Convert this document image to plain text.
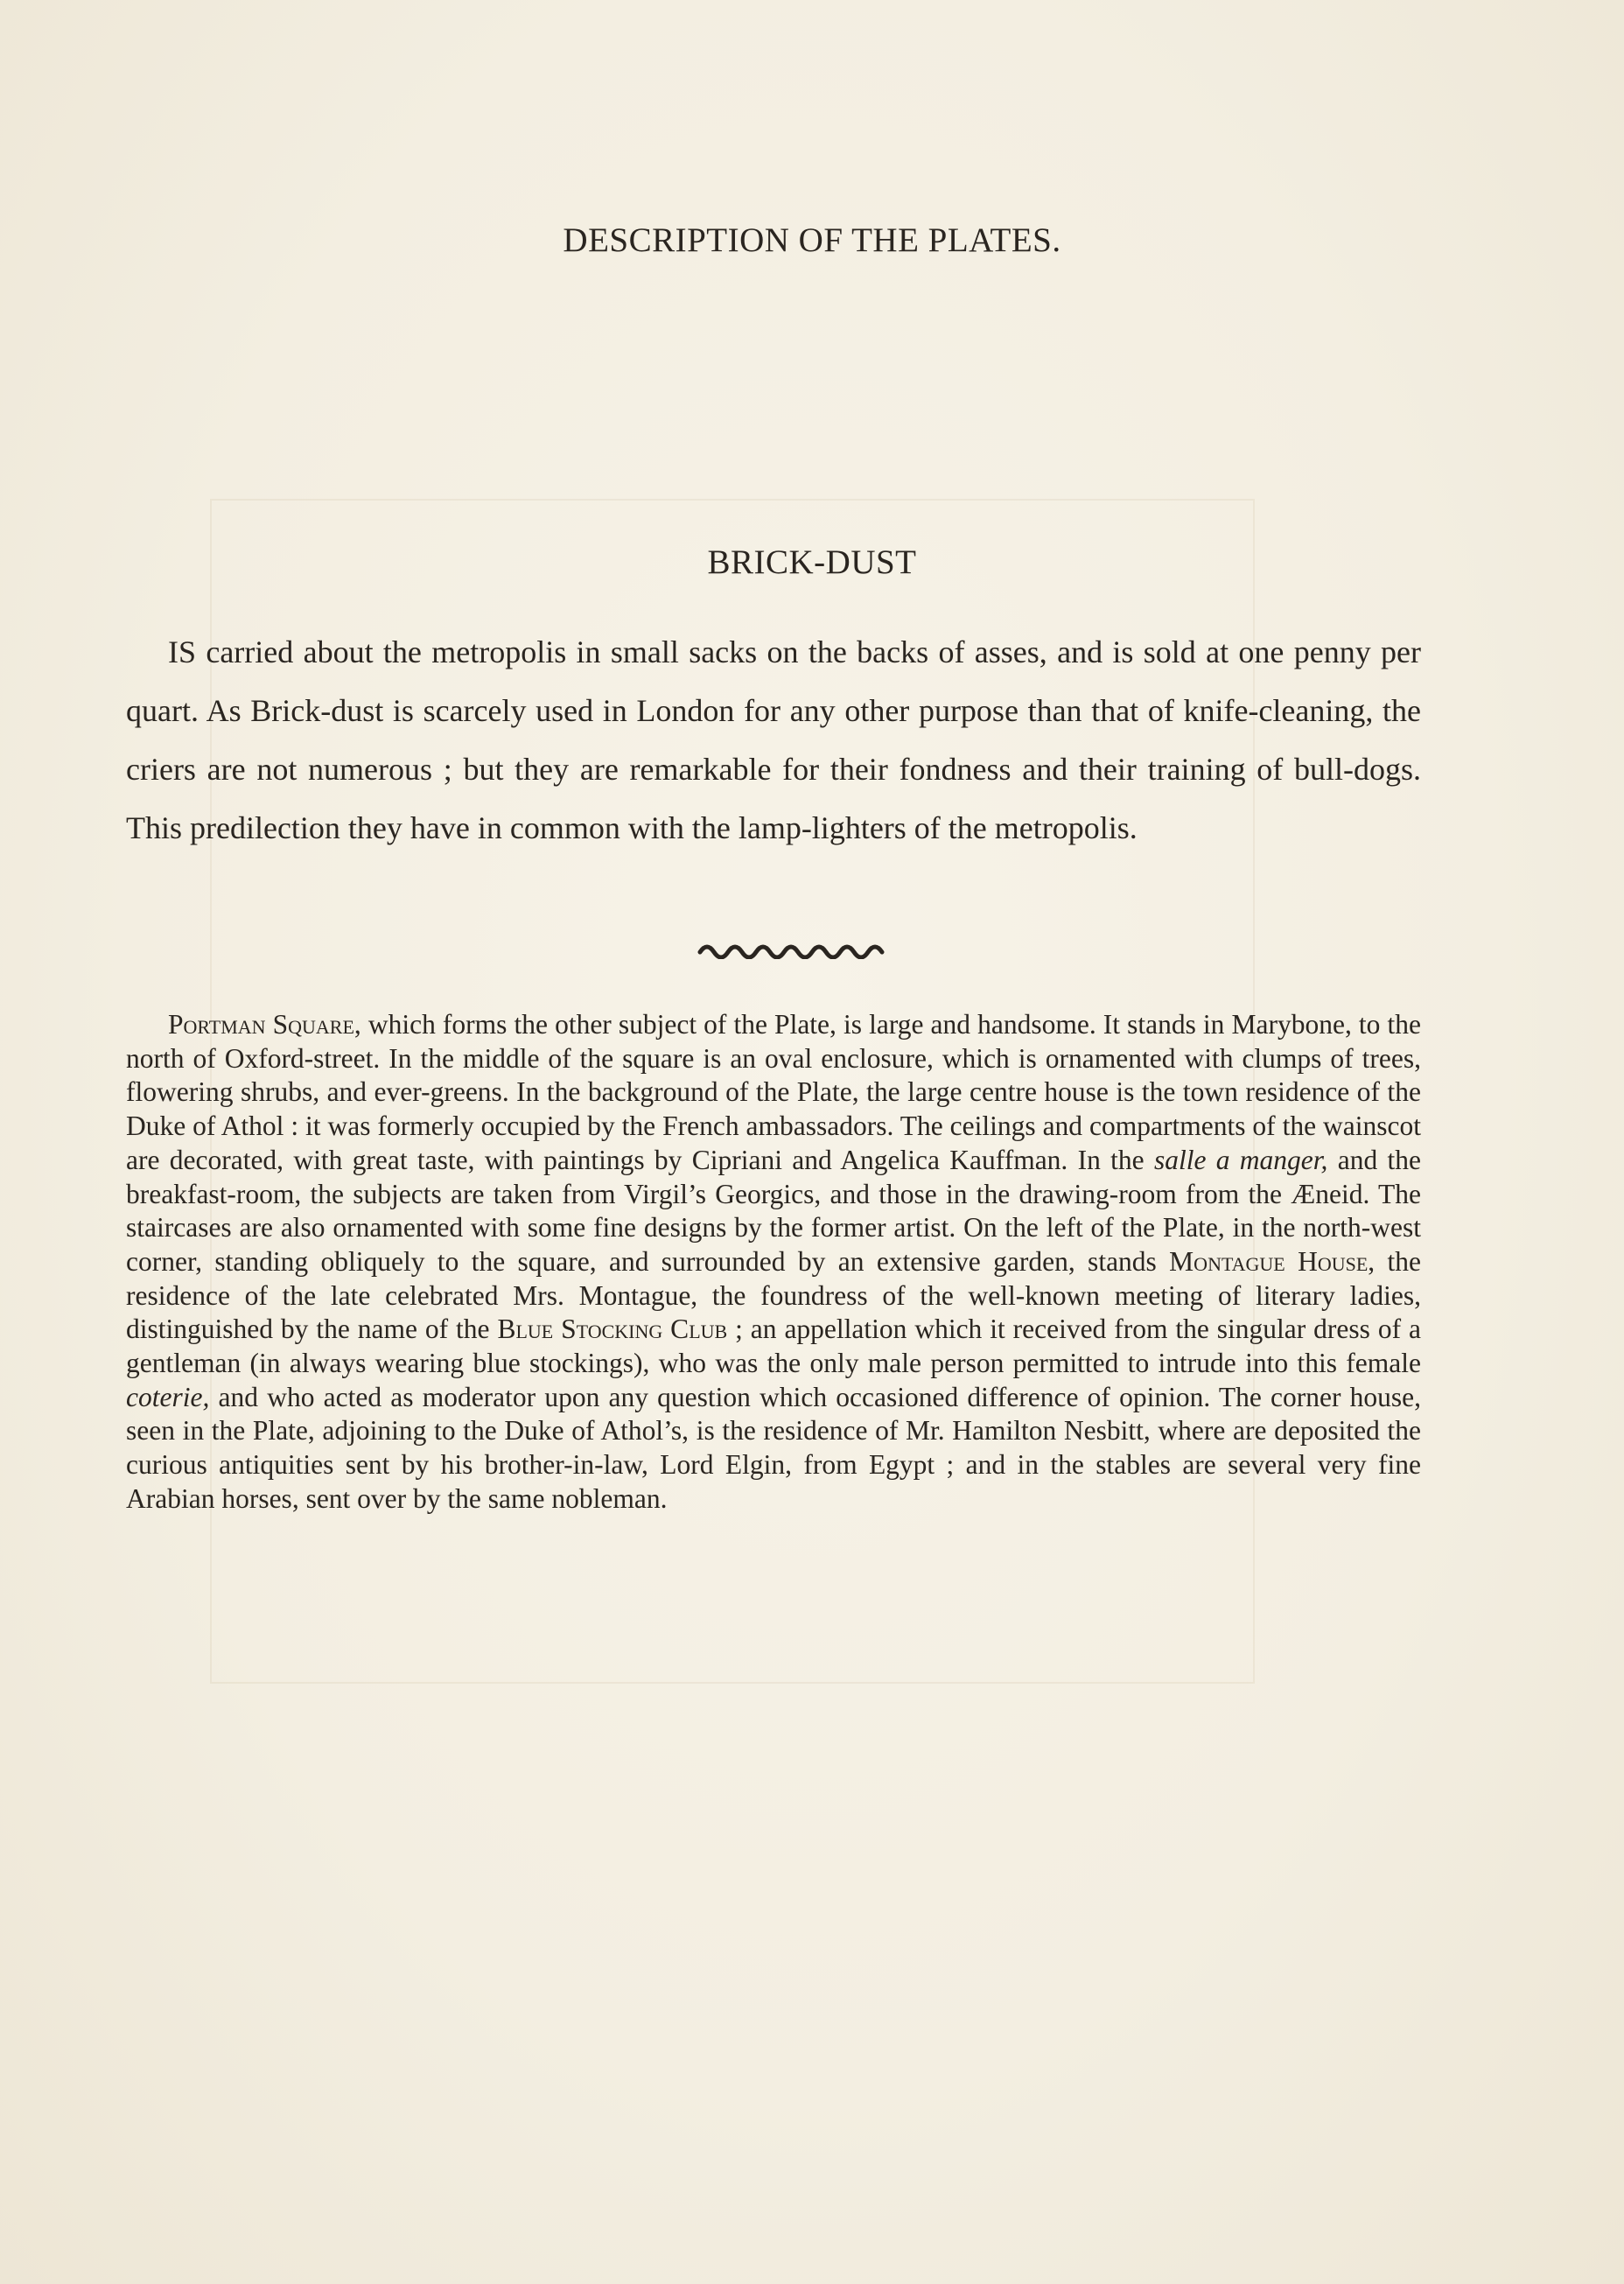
DESCRIPTION OF THE PLATES.
BRICK-DUST

IS carried about the metropolis in small sacks on the backs of asses, and is sold at one penny per quart. As Brick-dust is scarcely used in London for any other purpose than that of knife-cleaning, the criers are not numerous ; but they are remarkable for their fondness and their training of bull-dogs. This predilection they have in common with the lamp-lighters of the metropolis.

Portman Square, which forms the other subject of the Plate, is large and handsome. It stands in Marybone, to the north of Oxford-street. In the middle of the square is an oval enclosure, which is ornamented with clumps of trees, flowering shrubs, and ever-greens. In the background of the Plate, the large centre house is the town residence of the Duke of Athol : it was formerly occupied by the French ambassadors. The ceilings and compartments of the wainscot are decorated, with great taste, with paintings by Cipriani and Angelica Kauffman. In the salle a manger, and the breakfast-room, the subjects are taken from Virgil’s Georgics, and those in the drawing-room from the Æneid. The staircases are also ornamented with some fine designs by the former artist. On the left of the Plate, in the north-west corner, standing obliquely to the square, and surrounded by an extensive garden, stands Montague House, the residence of the late celebrated Mrs. Montague, the foundress of the well-known meeting of literary ladies, distinguished by the name of the Blue Stocking Club ; an appellation which it received from the singular dress of a gentleman (in always wearing blue stockings), who was the only male person permitted to intrude into this female coterie, and who acted as moderator upon any question which occasioned difference of opinion. The corner house, seen in the Plate, adjoining to the Duke of Athol’s, is the residence of Mr. Hamilton Nesbitt, where are deposited the curious antiquities sent by his brother-in-law, Lord Elgin, from Egypt ; and in the stables are several very fine Arabian horses, sent over by the same nobleman.
